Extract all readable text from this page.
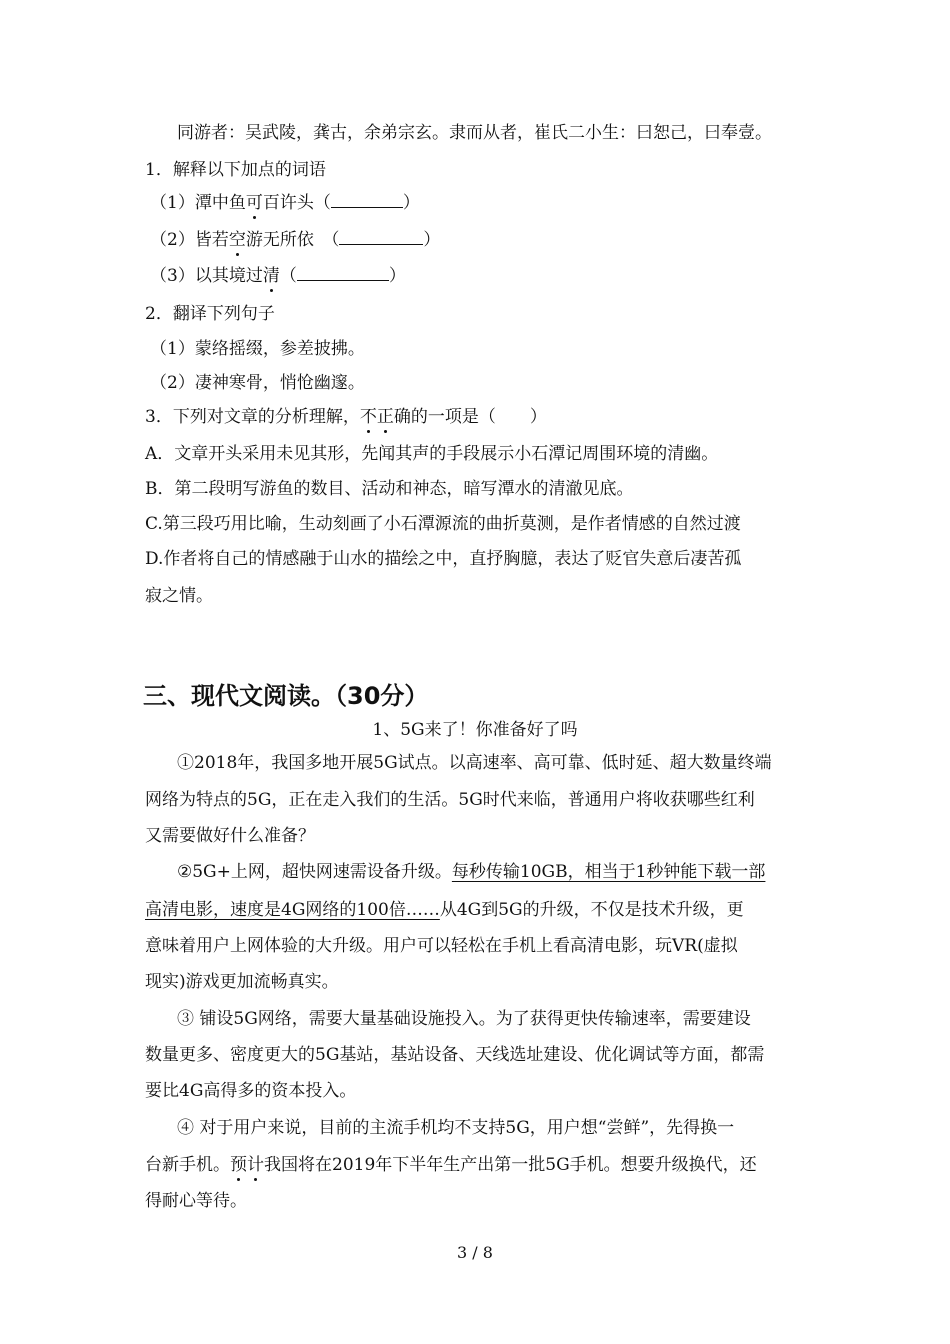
同游者：吴武陵，龚古，余弟宗玄。隶而从者，崔氏二小生：曰恕己，曰奉壹。
1．解释以下加点的词语
（1）潭中鱼可百许头（	）
（2）皆若空游无所依　（	）
（3）以其境过清（	）
2．翻译下列句子
（1）蒙络摇缀，参差披拂。
（2）凄神寒骨，悄怆幽邃。
3．下列对文章的分析理解，不正确的一项是（　　）
A．文章开头采用未见其形，先闻其声的手段展示小石潭记周围环境的清幽。
B．第二段明写游鱼的数目、活动和神态，暗写潭水的清澈见底。
C.第三段巧用比喻，生动刻画了小石潭源流的曲折莫测，是作者情感的自然过渡
D.作者将自己的情感融于山水的描绘之中，直抒胸臆，表达了贬官失意后凄苦孤
寂之情。
三、现代文阅读。（30分）
1、5G来了！你准备好了吗
①2018年，我国多地开展5G试点。以高速率、高可靠、低时延、超大数量终端
网络为特点的5G，正在走入我们的生活。5G时代来临，普通用户将收获哪些红利
又需要做好什么准备？
②5G+上网，超快网速需设备升级。每秒传输10GB，相当于1秒钟能下载一部
高清电影，速度是4G网络的100倍……从4G到5G的升级，不仅是技术升级，更
意味着用户上网体验的大升级。用户可以轻松在手机上看高清电影，玩VR(虚拟
现实)游戏更加流畅真实。
③ 铺设5G网络，需要大量基础设施投入。为了获得更快传输速率，需要建设
数量更多、密度更大的5G基站，基站设备、天线选址建设、优化调试等方面，都需
要比4G高得多的资本投入。
④ 对于用户来说，目前的主流手机均不支持5G，用户想“尝鲜”，先得换一
台新手机。预计我国将在2019年下半年生产出第一批5G手机。想要升级换代，还
得耐心等待。
3 / 8
